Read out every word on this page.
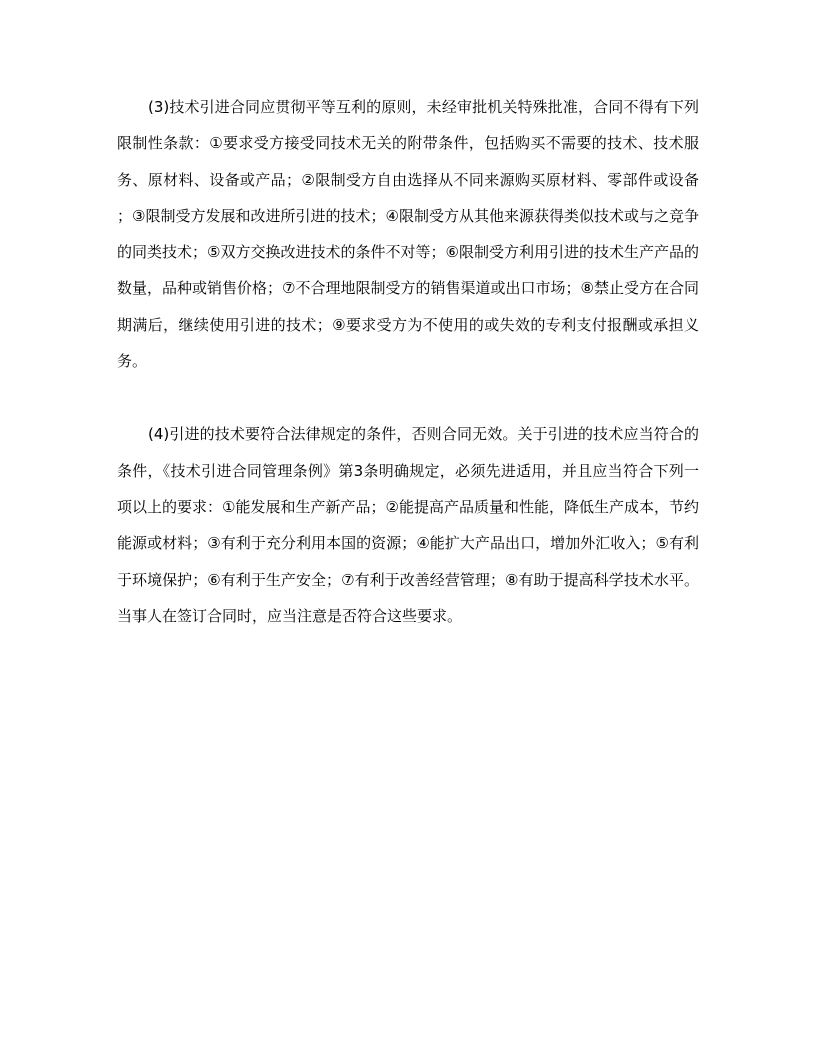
(3)技术引进合同应贯彻平等互利的原则，未经审批机关特殊批准，合同不得有下列限制性条款：①要求受方接受同技术无关的附带条件，包括购买不需要的技术、技术服务、原材料、设备或产品；②限制受方自由选择从不同来源购买原材料、零部件或设备；③限制受方发展和改进所引进的技术；④限制受方从其他来源获得类似技术或与之竞争的同类技术；⑤双方交换改进技术的条件不对等；⑥限制受方利用引进的技术生产产品的数量，品种或销售价格；⑦不合理地限制受方的销售渠道或出口市场；⑧禁止受方在合同期满后，继续使用引进的技术；⑨要求受方为不使用的或失效的专利支付报酬或承担义务。

(4)引进的技术要符合法律规定的条件，否则合同无效。关于引进的技术应当符合的条件，《技术引进合同管理条例》第3条明确规定，必须先进适用，并且应当符合下列一项以上的要求：①能发展和生产新产品；②能提高产品质量和性能，降低生产成本，节约能源或材料；③有利于充分利用本国的资源；④能扩大产品出口，增加外汇收入；⑤有利于环境保护；⑥有利于生产安全；⑦有利于改善经营管理；⑧有助于提高科学技术水平。当事人在签订合同时，应当注意是否符合这些要求。
